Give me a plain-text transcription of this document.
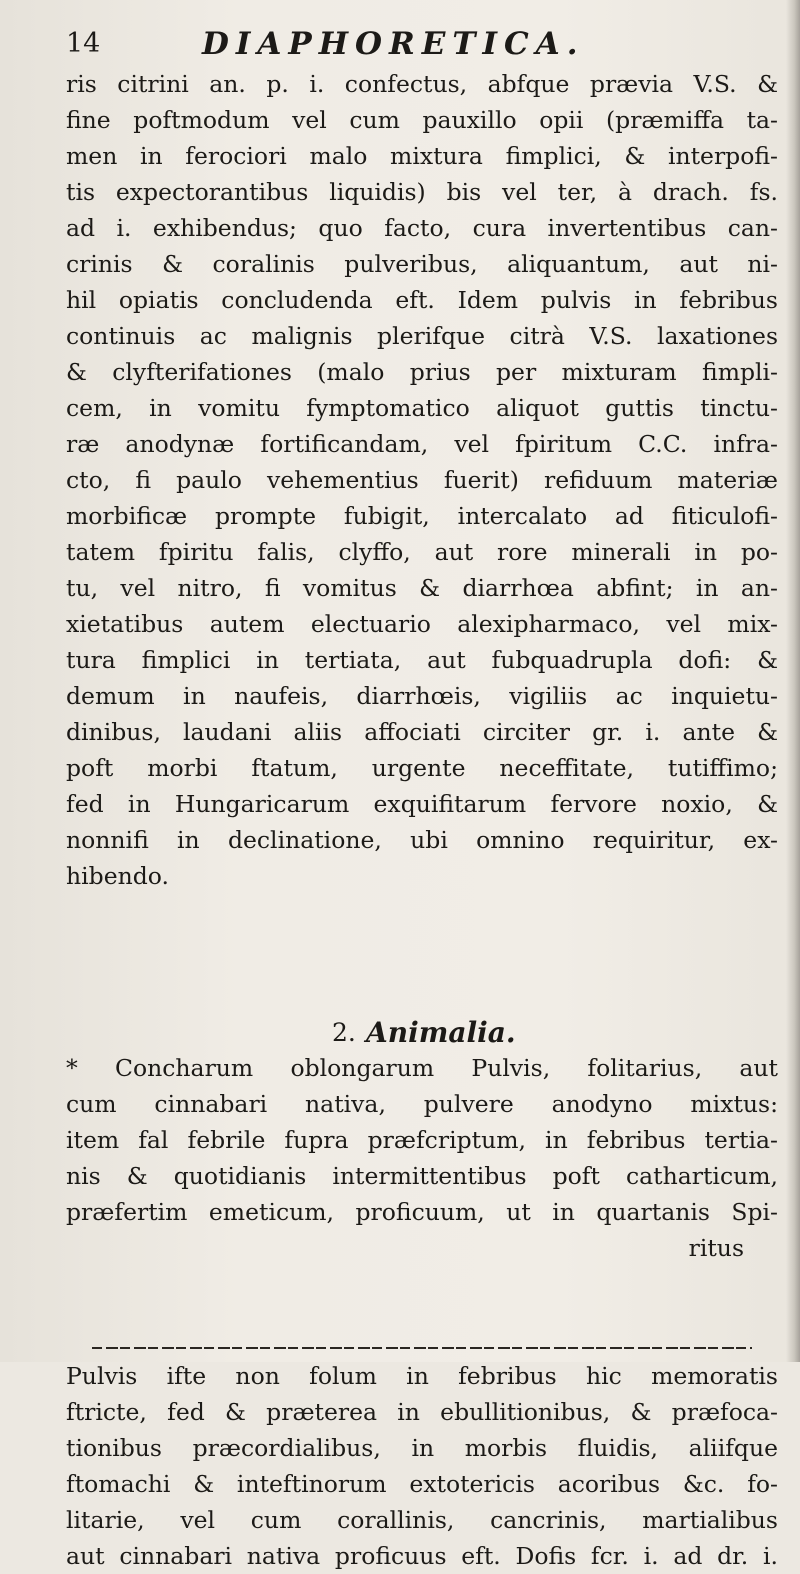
14	DIAPHORETICA.
ris citrini an. p. i. confectus, abfque prævia V.S. &
fine poftmodum vel cum pauxillo opii (præmiffa ta-
men in ferociori malo mixtura fimplici, & interpofi-
tis expectorantibus liquidis) bis vel ter, à drach. fs.
ad i. exhibendus; quo facto, cura invertentibus can-
crinis & coralinis pulveribus, aliquantum, aut ni-
hil opiatis concludenda eft. Idem pulvis in febribus
continuis ac malignis plerifque citrà V.S. laxationes
& clyfterifationes (malo prius per mixturam fimpli-
cem, in vomitu fymptomatico aliquot guttis tinctu-
ræ anodynæ fortificandam, vel fpiritum C.C. infra-
cto, fi paulo vehementius fuerit) refiduum materiæ
morbificæ prompte fubigit, intercalato ad fiticulofi-
tatem fpiritu falis, clyffo, aut rore minerali in po-
tu, vel nitro, fi vomitus & diarrhœa abfint; in an-
xietatibus autem electuario alexipharmaco, vel mix-
tura fimplici in tertiata, aut fubquadrupla dofi: &
demum in naufeis, diarrhœis, vigiliis ac inquietu-
dinibus, laudani aliis affociati circiter gr. i. ante &
poft morbi ftatum, urgente neceffitate, tutiffimo;
fed in Hungaricarum exquifitarum fervore noxio, &
nonnifi in declinatione, ubi omnino requiritur, ex-
hibendo.
2. Animalia.
* Concharum oblongarum Pulvis, folitarius, aut
cum cinnabari nativa, pulvere anodyno mixtus:
item fal febrile fupra præfcriptum, in febribus tertia-
nis & quotidianis intermittentibus poft catharticum,
præfertim emeticum, proficuum, ut in quartanis Spi-
ritus
Pulvis ifte non folum in febribus hic memoratis
ftricte, fed & præterea in ebullitionibus, & præfoca-
tionibus præcordialibus, in morbis fluidis, aliifque
ftomachi & inteftinorum extotericis acoribus &c. fo-
litarie, vel cum corallinis, cancrinis, martialibus
aut cinnabari nativa proficuus eft. Dofis fcr. i. ad dr. i.
